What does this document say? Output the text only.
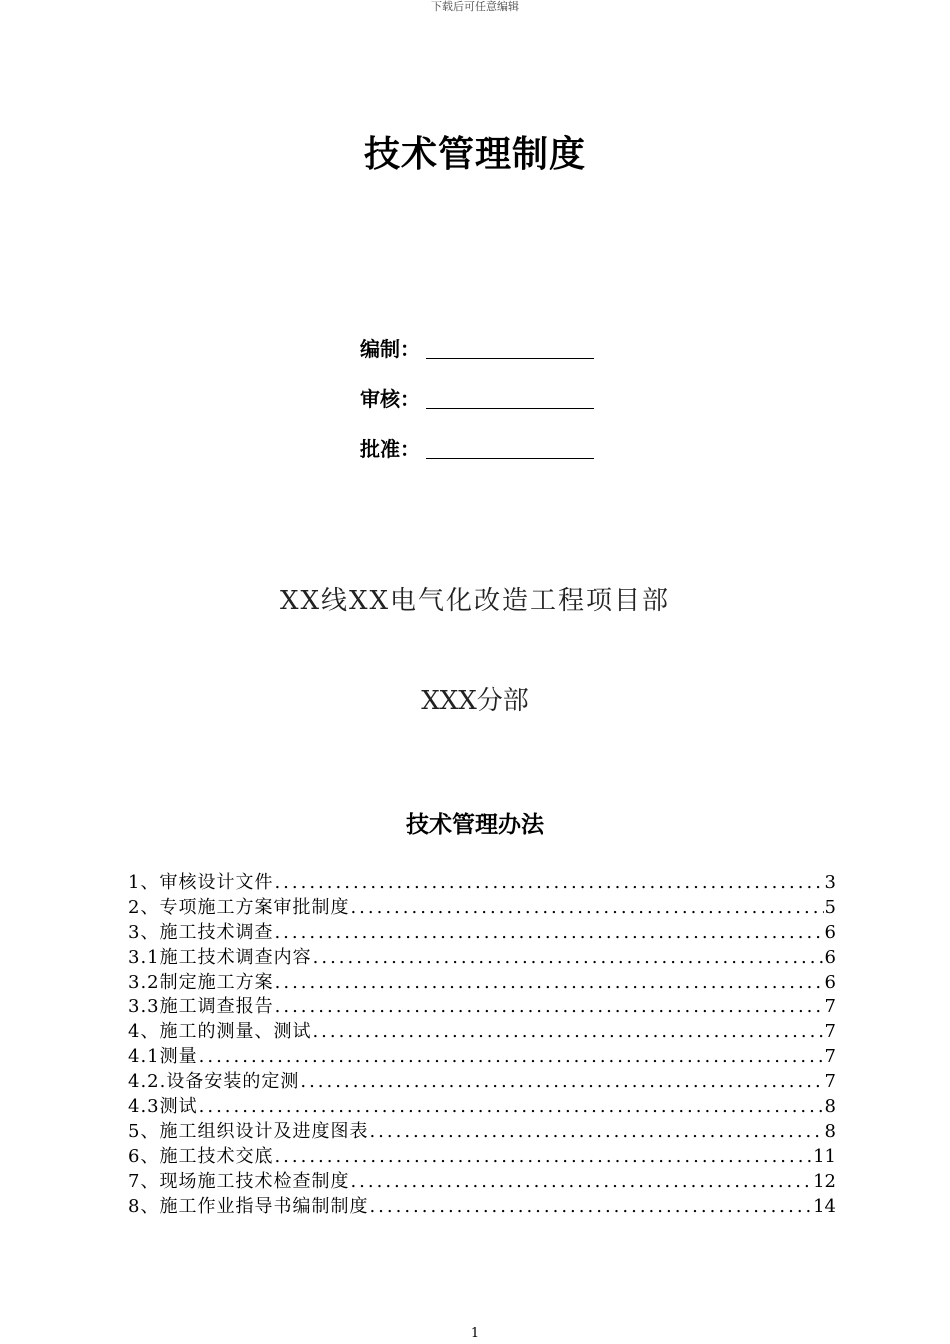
下载后可任意编辑
技术管理制度
编制：
审核：
批准：
XX线XX电气化改造工程项目部
XXX分部
技术管理办法
1、审核设计文件 .....	3
2、专项施工方案审批制度 .....	5
3、施工技术调查 .....	6
3.1施工技术调查内容 .....	6
3.2制定施工方案 .....	6
3.3施工调查报告 .....	7
4、施工的测量、测试 .....	7
4.1测量 .....	7
4.2.设备安装的定测 .....	7
4.3测试 .....	8
5、施工组织设计及进度图表 .....	8
6、施工技术交底 .....	11
7、现场施工技术检查制度 .....	12
8、施工作业指导书编制制度 .....	14
1
